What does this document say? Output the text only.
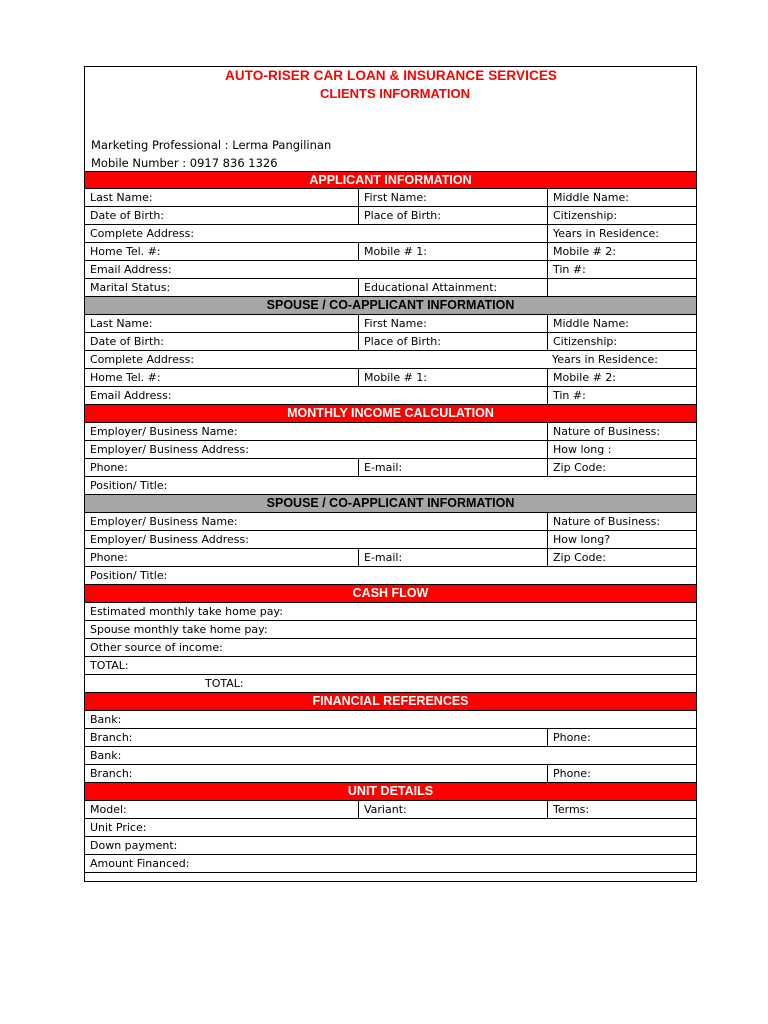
AUTO-RISER CAR LOAN & INSURANCE SERVICES
CLIENTS INFORMATION
Marketing Professional : Lerma Pangilinan
Mobile Number : 0917 836 1326
APPLICANT INFORMATION
Last Name:	First Name:	Middle Name:
Date of Birth:	Place of Birth:	Citizenship:
Complete Address:	Years in Residence:
Home Tel. #:	Mobile # 1:	Mobile # 2:
Email Address:	Tin #:
Marital Status:	Educational Attainment:
SPOUSE / CO-APPLICANT INFORMATION
Last Name:	First Name:	Middle Name:
Date of Birth:	Place of Birth:	Citizenship:
Complete Address:	Years in Residence:
Home Tel. #:	Mobile # 1:	Mobile # 2:
Email Address:	Tin #:
MONTHLY INCOME CALCULATION
Employer/ Business Name:	Nature of Business:
Employer/ Business Address:	How long :
Phone:	E-mail:	Zip Code:
Position/ Title:
SPOUSE / CO-APPLICANT INFORMATION
Employer/ Business Name:	Nature of Business:
Employer/ Business Address:	How long?
Phone:	E-mail:	Zip Code:
Position/ Title:
CASH FLOW
Estimated monthly take home pay:
Spouse monthly take home pay:
Other source of income:
TOTAL:
TOTAL:
FINANCIAL REFERENCES
Bank:
Branch:	Phone:
Bank:
Branch:	Phone:
UNIT DETAILS
Model:	Variant:	Terms:
Unit Price:
Down payment:
Amount Financed:
